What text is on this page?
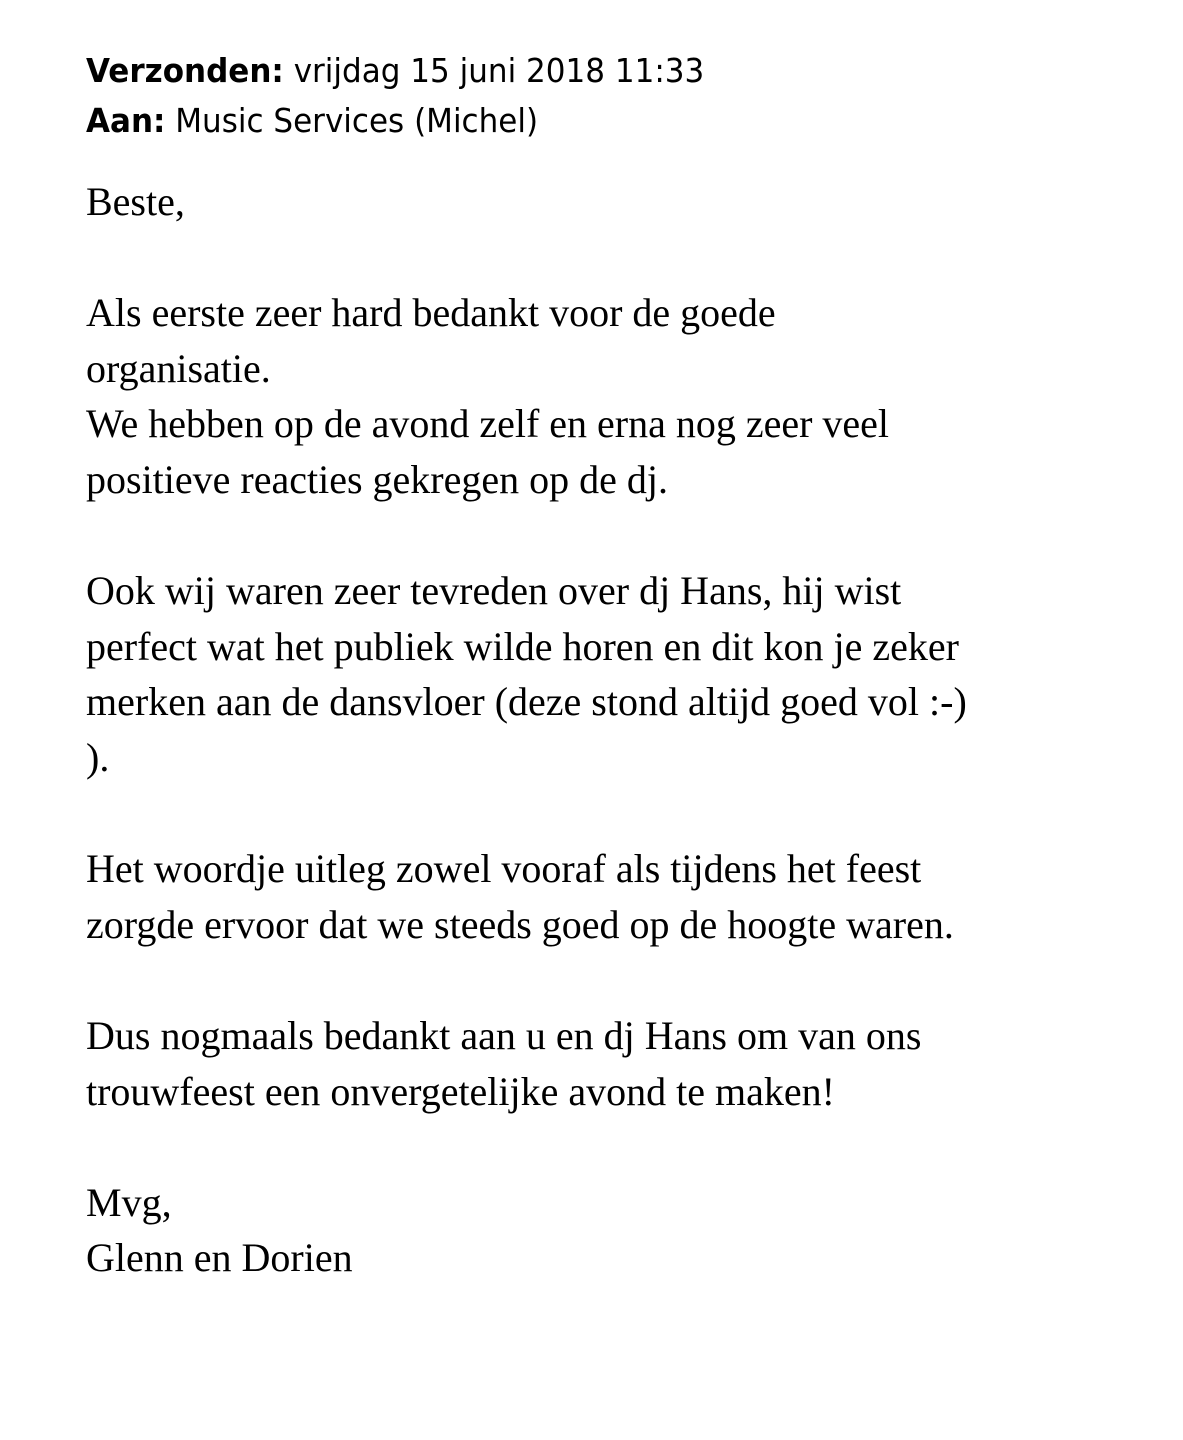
Verzonden: vrijdag 15 juni 2018 11:33
Aan: Music Services (Michel)
Beste,
Als eerste zeer hard bedankt voor de goede
organisatie.
We hebben op de avond zelf en erna nog zeer veel
positieve reacties gekregen op de dj.
Ook wij waren zeer tevreden over dj Hans, hij wist
perfect wat het publiek wilde horen en dit kon je zeker
merken aan de dansvloer (deze stond altijd goed vol :-)
).
Het woordje uitleg zowel vooraf als tijdens het feest
zorgde ervoor dat we steeds goed op de hoogte waren.
Dus nogmaals bedankt aan u en dj Hans om van ons
trouwfeest een onvergetelijke avond te maken!
Mvg,
Glenn en Dorien
